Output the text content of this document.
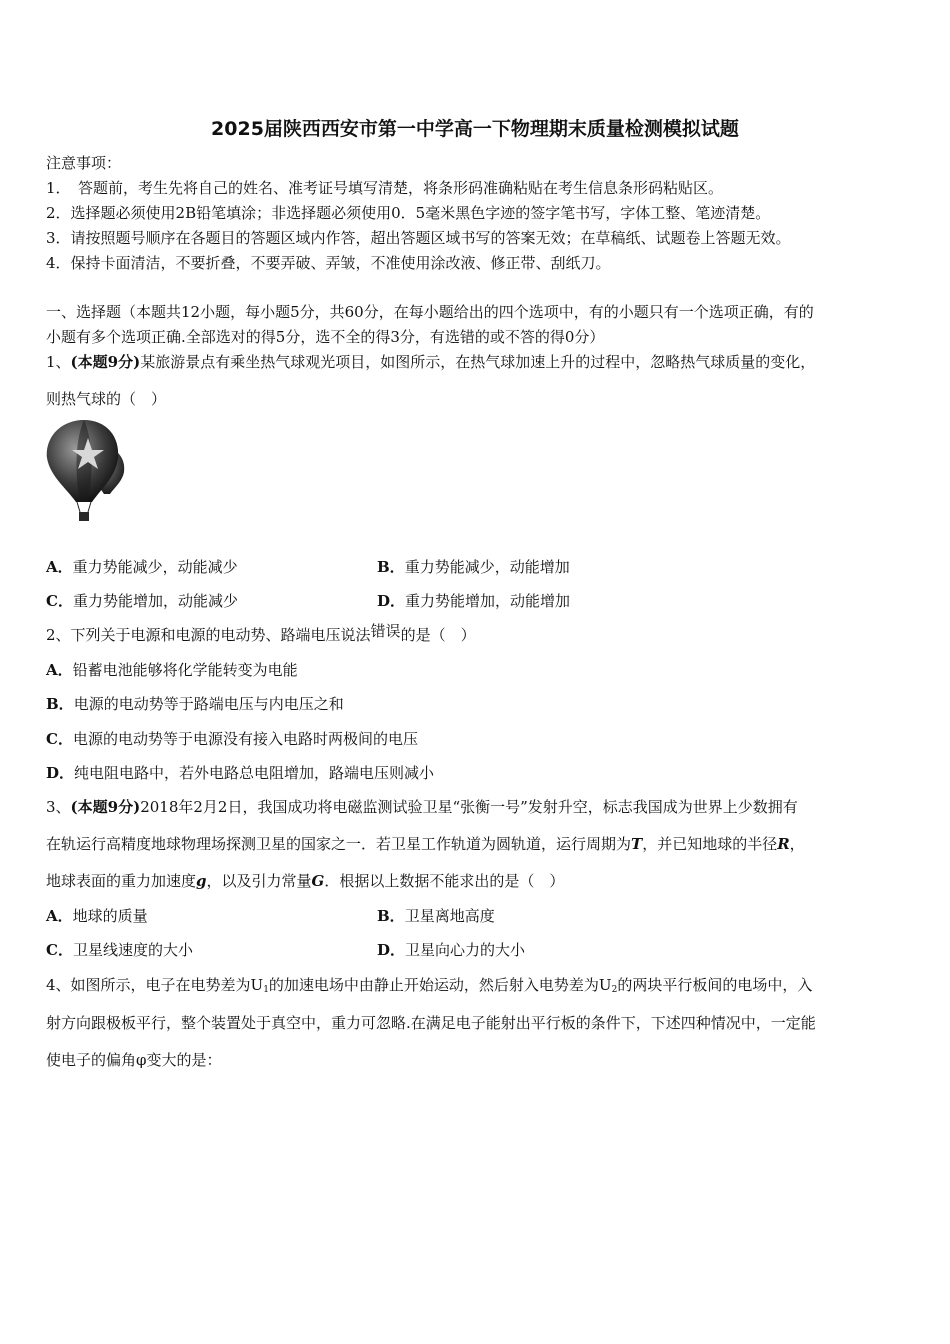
2025届陕西西安市第一中学高一下物理期末质量检测模拟试题
注意事项：
1．　答题前，考生先将自己的姓名、准考证号填写清楚，将条形码准确粘贴在考生信息条形码粘贴区。
2．选择题必须使用2B铅笔填涂；非选择题必须使用0．5毫米黑色字迹的签字笔书写，字体工整、笔迹清楚。
3．请按照题号顺序在各题目的答题区域内作答，超出答题区域书写的答案无效；在草稿纸、试题卷上答题无效。
4．保持卡面清洁，不要折叠，不要弄破、弄皱，不准使用涂改液、修正带、刮纸刀。
一、选择题（本题共12小题，每小题5分，共60分，在每小题给出的四个选项中，有的小题只有一个选项正确，有的
小题有多个选项正确.全部选对的得5分，选不全的得3分，有选错的或不答的得0分）
1、(本题9分)某旅游景点有乘坐热气球观光项目，如图所示，在热气球加速上升的过程中，忽略热气球质量的变化，
则热气球的（　）
A．重力势能减少，动能减少	B．重力势能减少，动能增加
C．重力势能增加，动能减少	D．重力势能增加，动能增加
2、下列关于电源和电源的电动势、路端电压说法错误的是（　）
A．铅蓄电池能够将化学能转变为电能
B．电源的电动势等于路端电压与内电压之和
C．电源的电动势等于电源没有接入电路时两极间的电压
D．纯电阻电路中，若外电路总电阻增加，路端电压则减小
3、(本题9分)2018年2月2日，我国成功将电磁监测试验卫星“张衡一号”发射升空，标志我国成为世界上少数拥有
在轨运行高精度地球物理场探测卫星的国家之一．若卫星工作轨道为圆轨道，运行周期为T，并已知地球的半径R，
地球表面的重力加速度g，以及引力常量G．根据以上数据不能求出的是（　）
A．地球的质量	B．卫星离地高度
C．卫星线速度的大小	D．卫星向心力的大小
4、如图所示，电子在电势差为$U_1$的加速电场中由静止开始运动，然后射入电势差为$U_2$的两块平行板间的电场中，入
射方向跟极板平行，整个装置处于真空中，重力可忽略.在满足电子能射出平行板的条件下，下述四种情况中，一定能
使电子的偏角φ变大的是：
